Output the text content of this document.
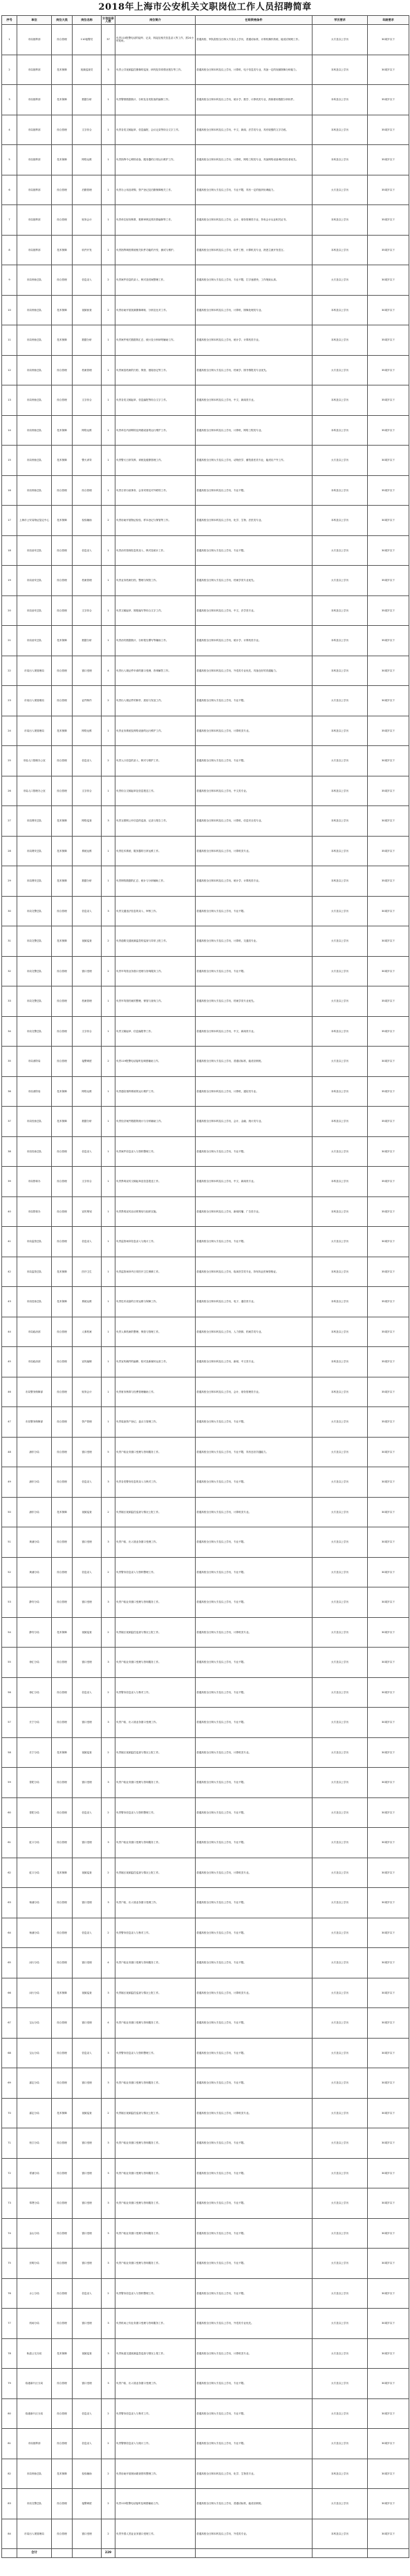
2018年上海市公安机关文职岗位工作人员招聘简章
序号	单位	岗位大类	岗位名称	计划招录人数	岗位简介	任职资格条件	学历要求	年龄要求
1	市局指挥部	综合管理	110接警员	37	负责110报警电话的接听、记录、转接及相关信息录入等工作，需24小时轮班。	普通高校、军队院校全日制大专及以上学历，普通话标准，计算机操作熟练，能适应倒班工作。	大专及以上学历	30周岁以下
2	市局指挥部	技术保障	视频巡查员	3	负责公共视频监控图像的巡查、研判及异常情况报告等工作。	普通高校全日制本科及以上学历，计算机、电子信息类专业，具备一定的视频图像分析能力。	本科及以上学历	30周岁以下
3	市局指挥部	技术保障	数据分析	1	负责警情数据统计、分析及各类报表的编制工作。	普通高校全日制本科及以上学历，统计学、数学、计算机类专业，熟练使用数据分析软件。	本科及以上学历	35周岁以下
4	市局指挥部	综合管理	文字综合	1	负责各类文稿起草、信息编报、会议记录等综合文字工作。	普通高校全日制本科及以上学历，中文、新闻、法学类专业，具有较强的文字功底。	本科及以上学历	35周岁以下
5	市局指挥部	技术保障	网络运维	1	负责指挥中心网络设备、服务器的日常运行维护工作。	普通高校全日制本科及以上学历，计算机、网络工程类专业，具备网络设备调试经验者优先。	本科及以上学历	35周岁以下
6	市局指挥部	综合管理	后勤管理	1	负责办公用品采购、资产登记及后勤保障相关工作。	普通高校全日制大专及以上学历，专业不限，具有一定的组织协调能力。	大专及以上学历	35周岁以下
7	市局指挥部	综合管理	财务会计	1	负责单位财务核算、报销审核及预决算编制等工作。	普通高校全日制本科及以上学历，会计、财务管理类专业，持有会计从业相关证书。	本科及以上学历	35周岁以下
8	市局指挥部	技术保障	软件开发	1	负责指挥调度系统相关软件功能的开发、测试与维护。	普通高校全日制本科及以上学历，软件工程、计算机类专业，熟悉主流开发语言。	本科及以上学历	35周岁以下
9	市局刑侦总队	综合管理	信息录入	2	负责案件信息的录入、核对及档案整理工作。	普通高校全日制大专及以上学历，专业不限，打字速度快，工作细致认真。	大专及以上学历	30周岁以下
10	市局刑侦总队	技术保障	视频侦查	2	负责协助开展视频图像调取、分析及比对工作。	普通高校全日制本科及以上学历，计算机、图像处理类专业。	本科及以上学历	30周岁以下
11	市局刑侦总队	技术保障	数据分析	1	负责案件相关数据的汇总、统计及分析研判辅助工作。	普通高校全日制本科及以上学历，统计学、计算机类专业。	本科及以上学历	35周岁以下
12	市局刑侦总队	综合管理	档案管理	1	负责案卷档案的归档、保管、借阅登记等工作。	普通高校全日制大专及以上学历，档案学、图书情报类专业优先。	大专及以上学历	35周岁以下
13	市局刑侦总队	综合管理	文字综合	1	负责各类文稿起草、信息编报等综合文字工作。	普通高校全日制本科及以上学历，中文、新闻类专业。	本科及以上学历	35周岁以下
14	市局刑侦总队	技术保障	网络运维	1	负责单位内部网络及终端设备的运行维护工作。	普通高校全日制本科及以上学历，计算机、网络工程类专业。	本科及以上学历	35周岁以下
15	市局刑侦总队	技术保障	警犬训导	1	负责警犬日常饲养、训练及健康管理工作。	普通高校全日制大专及以上学历，动物医学、畜牧兽医类专业，能适应户外工作。	大专及以上学历	30周岁以下
16	市局刑侦总队	综合管理	综合管理	1	负责日常行政事务、会务安排及对外联络工作。	普通高校全日制本科及以上学历，专业不限。	本科及以上学历	35周岁以下
17	上海市公安局物证鉴定中心	技术保障	检验辅助	2	负责协助开展物证检验、样本登记与保管等工作。	普通高校全日制本科及以上学历，化学、生物、法医类专业。	本科及以上学历	30周岁以下
18	市局治安总队	综合管理	信息录入	1	负责治安管理信息的录入、核对及统计工作。	普通高校全日制大专及以上学历，专业不限。	大专及以上学历	30周岁以下
19	市局治安总队	综合管理	档案管理	1	负责业务档案归档、整理与保管工作。	普通高校全日制大专及以上学历，档案学类专业优先。	大专及以上学历	35周岁以下
20	市局治安总队	综合管理	文字综合	1	负责文稿起草、简报编写等综合文字工作。	普通高校全日制本科及以上学历，中文、法学类专业。	本科及以上学历	35周岁以下
21	市局治安总队	技术保障	数据分析	1	负责治安数据统计、分析报告撰写等辅助工作。	普通高校全日制本科及以上学历，统计学、计算机类专业。	本科及以上学历	35周岁以下
22	市局出入境管理局	综合管理	窗口受理	4	负责出入境证件申请的窗口受理、咨询解答工作。	普通高校全日制本科及以上学历，外语类专业优先，具备良好的沟通能力。	本科及以上学历	30周岁以下
23	市局出入境管理局	综合管理	证件制作	2	负责出入境证件的制作、质检与发放工作。	普通高校全日制大专及以上学历，专业不限。	大专及以上学历	30周岁以下
24	市局出入境管理局	技术保障	网络运维	1	负责业务系统及网络设备的运行维护工作。	普通高校全日制本科及以上学历，计算机类专业。	本科及以上学历	35周岁以下
25	市局人口管理办公室	综合管理	信息录入	2	负责人口信息的录入、核对与维护工作。	普通高校全日制大专及以上学历，专业不限。	大专及以上学历	30周岁以下
26	市局人口管理办公室	综合管理	文字综合	1	负责综合文稿起草及信息报送工作。	普通高校全日制本科及以上学历，中文类专业。	本科及以上学历	35周岁以下
27	市局网安总队	技术保障	网络巡查	3	负责互联网公开信息的巡查、记录与报告工作。	普通高校全日制本科及以上学历，计算机、信息安全类专业。	本科及以上学历	30周岁以下
28	市局网安总队	技术保障	系统运维	1	负责技术系统、服务器的日常运维工作。	普通高校全日制本科及以上学历，计算机类专业。	本科及以上学历	35周岁以下
29	市局网安总队	技术保障	数据分析	1	负责网络数据的汇总、统计与分析辅助工作。	普通高校全日制本科及以上学历，统计学、计算机类专业。	本科及以上学历	35周岁以下
30	市局交警总队	综合管理	信息录入	3	负责交通违法信息的录入、审核工作。	普通高校全日制大专及以上学历，专业不限。	大专及以上学历	30周岁以下
31	市局交警总队	技术保障	视频巡查	2	负责道路交通视频监控的巡查与异常上报工作。	普通高校全日制大专及以上学历，计算机、交通类专业。	大专及以上学历	30周岁以下
32	市局交警总队	综合管理	窗口受理	2	负责车驾管业务窗口受理与咨询服务工作。	普通高校全日制大专及以上学历，专业不限。	大专及以上学历	30周岁以下
33	市局交警总队	综合管理	档案管理	1	负责车驾管档案的整理、保管与查询工作。	普通高校全日制大专及以上学历，档案学类专业优先。	大专及以上学历	35周岁以下
34	市局交警总队	综合管理	文字综合	1	负责文稿起草、信息编报等工作。	普通高校全日制本科及以上学历，中文、新闻类专业。	本科及以上学历	35周岁以下
35	市局消防局	综合管理	接警调度	2	负责119报警电话接听及调度辅助工作。	普通高校全日制大专及以上学历，普通话标准，能适应倒班。	大专及以上学历	30周岁以下
36	市局消防局	技术保障	网络运维	1	负责通信指挥系统的运行维护工作。	普通高校全日制本科及以上学历，计算机、通信类专业。	本科及以上学历	35周岁以下
37	市局经侦总队	技术保障	数据分析	1	负责经济案件数据的统计与分析辅助工作。	普通高校全日制本科及以上学历，会计、金融、统计类专业。	本科及以上学历	35周岁以下
38	市局经侦总队	综合管理	信息录入	1	负责案件信息录入与资料整理工作。	普通高校全日制大专及以上学历，专业不限。	大专及以上学历	30周岁以下
39	市局禁毒办	综合管理	文字综合	1	负责禁毒宣传文稿起草及信息报送工作。	普通高校全日制本科及以上学历，中文、新闻类专业。	本科及以上学历	35周岁以下
40	市局禁毒办	综合管理	宣传策划	1	负责禁毒宣传活动的策划与组织实施。	普通高校全日制本科及以上学历，新闻传播、广告类专业。	本科及以上学历	35周岁以下
41	市局监管总队	综合管理	信息录入	1	负责监管场所信息录入与统计工作。	普通高校全日制大专及以上学历，专业不限。	大专及以上学历	30周岁以下
42	市局监管总队	技术保障	医疗卫生	1	负责监管场所内日常医疗卫生保障工作。	普通高校全日制本科及以上学历，临床医学类专业，持有执业医师资格证。	本科及以上学历	35周岁以下
43	市局技侦总队	技术保障	系统运维	1	负责技术设备的日常运维与保障工作。	普通高校全日制本科及以上学历，电子、通信类专业。	本科及以上学历	35周岁以下
44	市局政治部	综合管理	人事档案	1	负责人事档案的整理、保管与管理工作。	普通高校全日制本科及以上学历，人力资源、档案学类专业。	本科及以上学历	35周岁以下
45	市局政治部	综合管理	宣传编辑	1	负责宣传稿件的编辑、校对及新媒体运营工作。	普通高校全日制本科及以上学历，新闻、中文类专业。	本科及以上学历	35周岁以下
46	市局警务保障部	综合管理	财务会计	1	负责财务核算与经费管理辅助工作。	普通高校全日制本科及以上学历，会计、财务管理类专业。	本科及以上学历	35周岁以下
47	市局警务保障部	综合管理	资产管理	1	负责装备资产登记、盘点与管理工作。	普通高校全日制大专及以上学历，专业不限。	大专及以上学历	35周岁以下
48	浦东分局	综合管理	窗口受理	5	负责户政业务窗口受理与咨询服务工作。	普通高校全日制大专及以上学历，专业不限，具有良好沟通能力。	大专及以上学历	30周岁以下
49	浦东分局	综合管理	信息录入	3	负责各类警务信息的录入与核对工作。	普通高校全日制大专及以上学历，专业不限。	大专及以上学历	30周岁以下
50	浦东分局	技术保障	视频巡查	2	负责辖区视频监控巡查与情况上报工作。	普通高校全日制大专及以上学历，计算机类专业。	大专及以上学历	30周岁以下
51	黄浦分局	综合管理	窗口受理	3	负责户政、出入境业务窗口受理工作。	普通高校全日制大专及以上学历，专业不限。	大专及以上学历	30周岁以下
52	黄浦分局	综合管理	信息录入	2	负责警务信息录入与资料整理工作。	普通高校全日制大专及以上学历，专业不限。	大专及以上学历	30周岁以下
53	静安分局	综合管理	窗口受理	3	负责户政业务窗口受理与咨询服务工作。	普通高校全日制大专及以上学历，专业不限。	大专及以上学历	30周岁以下
54	静安分局	技术保障	视频巡查	2	负责辖区视频监控巡查与情况上报工作。	普通高校全日制大专及以上学历，计算机类专业。	大专及以上学历	30周岁以下
55	徐汇分局	综合管理	窗口受理	3	负责户政业务窗口受理与咨询服务工作。	普通高校全日制大专及以上学历，专业不限。	大专及以上学历	30周岁以下
56	徐汇分局	综合管理	信息录入	2	负责警务信息录入与核对工作。	普通高校全日制大专及以上学历，专业不限。	大专及以上学历	30周岁以下
57	长宁分局	综合管理	窗口受理	3	负责户政、出入境业务窗口受理工作。	普通高校全日制大专及以上学历，专业不限。	大专及以上学历	30周岁以下
58	长宁分局	技术保障	视频巡查	2	负责辖区视频监控巡查与情况上报工作。	普通高校全日制大专及以上学历，计算机类专业。	大专及以上学历	30周岁以下
59	普陀分局	综合管理	窗口受理	3	负责户政业务窗口受理与咨询服务工作。	普通高校全日制大专及以上学历，专业不限。	大专及以上学历	30周岁以下
60	普陀分局	综合管理	信息录入	2	负责警务信息录入与资料整理工作。	普通高校全日制大专及以上学历，专业不限。	大专及以上学历	30周岁以下
61	虹口分局	综合管理	窗口受理	3	负责户政业务窗口受理与咨询服务工作。	普通高校全日制大专及以上学历，专业不限。	大专及以上学历	30周岁以下
62	虹口分局	技术保障	视频巡查	2	负责辖区视频监控巡查与情况上报工作。	普通高校全日制大专及以上学历，计算机类专业。	大专及以上学历	30周岁以下
63	杨浦分局	综合管理	窗口受理	3	负责户政、出入境业务窗口受理工作。	普通高校全日制大专及以上学历，专业不限。	大专及以上学历	30周岁以下
64	杨浦分局	综合管理	信息录入	2	负责警务信息录入与核对工作。	普通高校全日制大专及以上学历，专业不限。	大专及以上学历	30周岁以下
65	闵行分局	综合管理	窗口受理	4	负责户政业务窗口受理与咨询服务工作。	普通高校全日制大专及以上学历，专业不限。	大专及以上学历	30周岁以下
66	闵行分局	技术保障	视频巡查	3	负责辖区视频监控巡查与情况上报工作。	普通高校全日制大专及以上学历，计算机类专业。	大专及以上学历	30周岁以下
67	宝山分局	综合管理	窗口受理	4	负责户政业务窗口受理与咨询服务工作。	普通高校全日制大专及以上学历，专业不限。	大专及以上学历	30周岁以下
68	宝山分局	综合管理	信息录入	3	负责警务信息录入与资料整理工作。	普通高校全日制大专及以上学历，专业不限。	大专及以上学历	30周岁以下
69	嘉定分局	综合管理	窗口受理	3	负责户政业务窗口受理与咨询服务工作。	普通高校全日制大专及以上学历，专业不限。	大专及以上学历	30周岁以下
70	嘉定分局	技术保障	视频巡查	2	负责辖区视频监控巡查与情况上报工作。	普通高校全日制大专及以上学历，计算机类专业。	大专及以上学历	30周岁以下
71	松江分局	综合管理	窗口受理	3	负责户政业务窗口受理与咨询服务工作。	普通高校全日制大专及以上学历，专业不限。	大专及以上学历	30周岁以下
72	青浦分局	综合管理	窗口受理	3	负责户政业务窗口受理与咨询服务工作。	普通高校全日制大专及以上学历，专业不限。	大专及以上学历	30周岁以下
73	奉贤分局	综合管理	窗口受理	3	负责户政业务窗口受理与咨询服务工作。	普通高校全日制大专及以上学历，专业不限。	大专及以上学历	30周岁以下
74	金山分局	综合管理	窗口受理	3	负责户政业务窗口受理与咨询服务工作。	普通高校全日制大专及以上学历，专业不限。	大专及以上学历	30周岁以下
75	崇明分局	综合管理	窗口受理	3	负责户政业务窗口受理与咨询服务工作。	普通高校全日制大专及以上学历，专业不限。	大专及以上学历	30周岁以下
76	水上分局	综合管理	信息录入	2	负责警务信息录入与资料整理工作。	普通高校全日制大专及以上学历，专业不限。	大专及以上学历	30周岁以下
77	机场分局	综合管理	窗口受理	3	负责机场公安业务窗口受理与咨询服务工作。	普通高校全日制大专及以上学历，外语类专业优先。	大专及以上学历	30周岁以下
78	轨道公交分局	技术保障	视频巡查	3	负责轨道交通视频监控巡查与情况上报工作。	普通高校全日制大专及以上学历，计算机类专业。	大专及以上学历	30周岁以下
79	临港新片区分局	综合管理	窗口受理	3	负责户政、出入境业务窗口受理工作。	普通高校全日制大专及以上学历，专业不限。	大专及以上学历	30周岁以下
80	临港新片区分局	综合管理	信息录入	2	负责警务信息录入与核对工作。	普通高校全日制大专及以上学历，专业不限。	大专及以上学历	30周岁以下
81	市局指挥部	综合管理	信息录入	2	负责警情信息录入与统计工作。	普通高校全日制大专及以上学历，专业不限。	大专及以上学历	30周岁以下
82	市局刑侦总队	技术保障	检验辅助	2	负责协助开展现场勘查资料整理工作。	普通高校全日制本科及以上学历，化学、生物类专业。	本科及以上学历	30周岁以下
83	市局交警总队	综合管理	接警调度	2	负责122报警电话接听及调度辅助工作。	普通高校全日制大专及以上学历，普通话标准，能适应倒班。	大专及以上学历	30周岁以下
84	市局出入境管理局	综合管理	窗口受理	2	负责外国人签证业务窗口受理工作。	普通高校全日制本科及以上学历，外语类专业。	本科及以上学历	30周岁以下
	合计			229				
